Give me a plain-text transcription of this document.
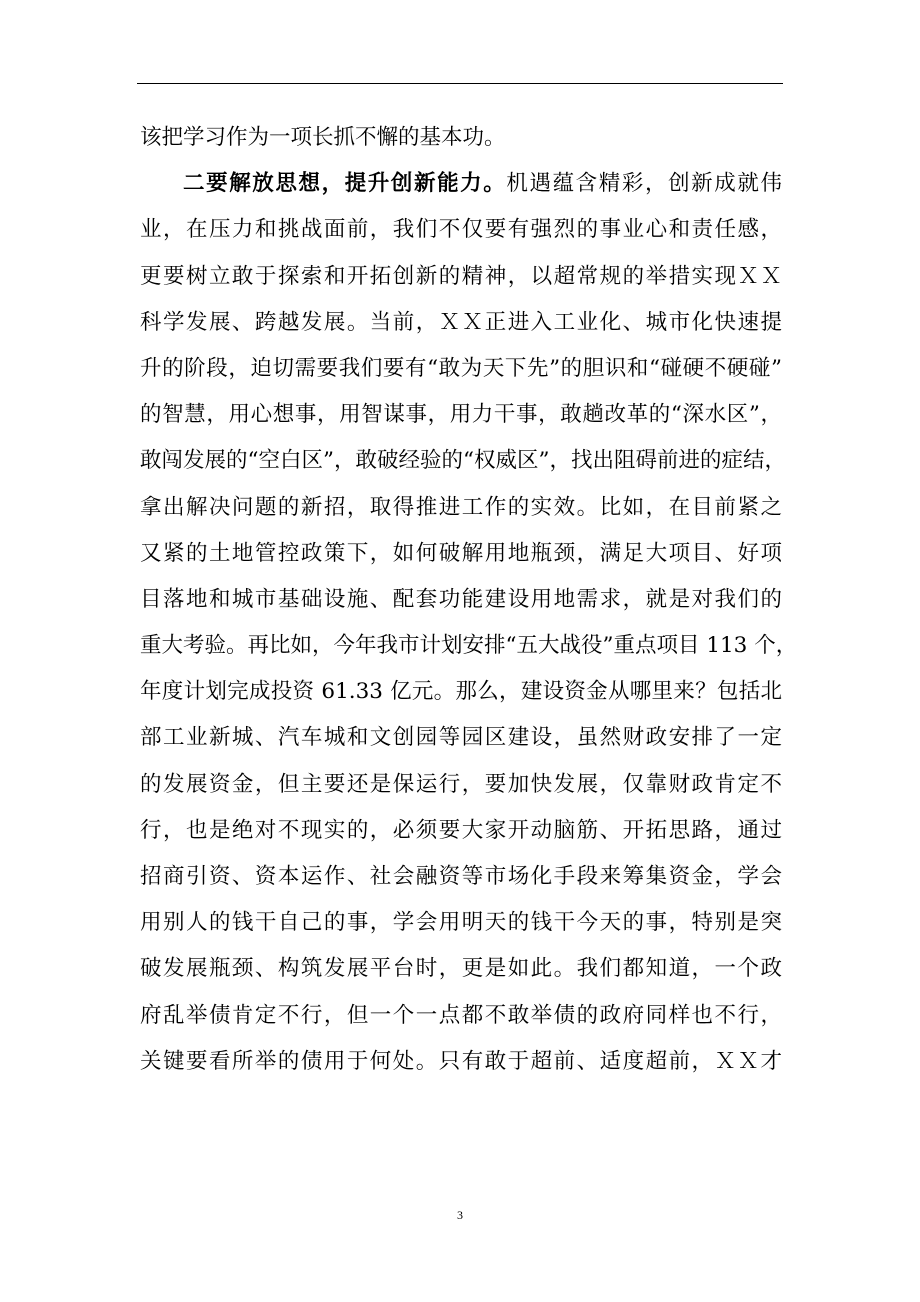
该把学习作为一项长抓不懈的基本功。
二要解放思想，提升创新能力。机遇蕴含精彩，创新成就伟
业，在压力和挑战面前，我们不仅要有强烈的事业心和责任感，
更要树立敢于探索和开拓创新的精神，以超常规的举措实现ＸＸ
科学发展、跨越发展。当前，ＸＸ正进入工业化、城市化快速提
升的阶段，迫切需要我们要有“敢为天下先”的胆识和“碰硬不硬碰”
的智慧，用心想事，用智谋事，用力干事，敢趟改革的“深水区”，
敢闯发展的“空白区”，敢破经验的“权威区”，找出阻碍前进的症结，
拿出解决问题的新招，取得推进工作的实效。比如，在目前紧之
又紧的土地管控政策下，如何破解用地瓶颈，满足大项目、好项
目落地和城市基础设施、配套功能建设用地需求，就是对我们的
重大考验。再比如，今年我市计划安排“五大战役”重点项目 113 个，
年度计划完成投资 61.33 亿元。那么，建设资金从哪里来？包括北
部工业新城、汽车城和文创园等园区建设，虽然财政安排了一定
的发展资金，但主要还是保运行，要加快发展，仅靠财政肯定不
行，也是绝对不现实的，必须要大家开动脑筋、开拓思路，通过
招商引资、资本运作、社会融资等市场化手段来筹集资金，学会
用别人的钱干自己的事，学会用明天的钱干今天的事，特别是突
破发展瓶颈、构筑发展平台时，更是如此。我们都知道，一个政
府乱举债肯定不行，但一个一点都不敢举债的政府同样也不行，
关键要看所举的债用于何处。只有敢于超前、适度超前，ＸＸ才
3
